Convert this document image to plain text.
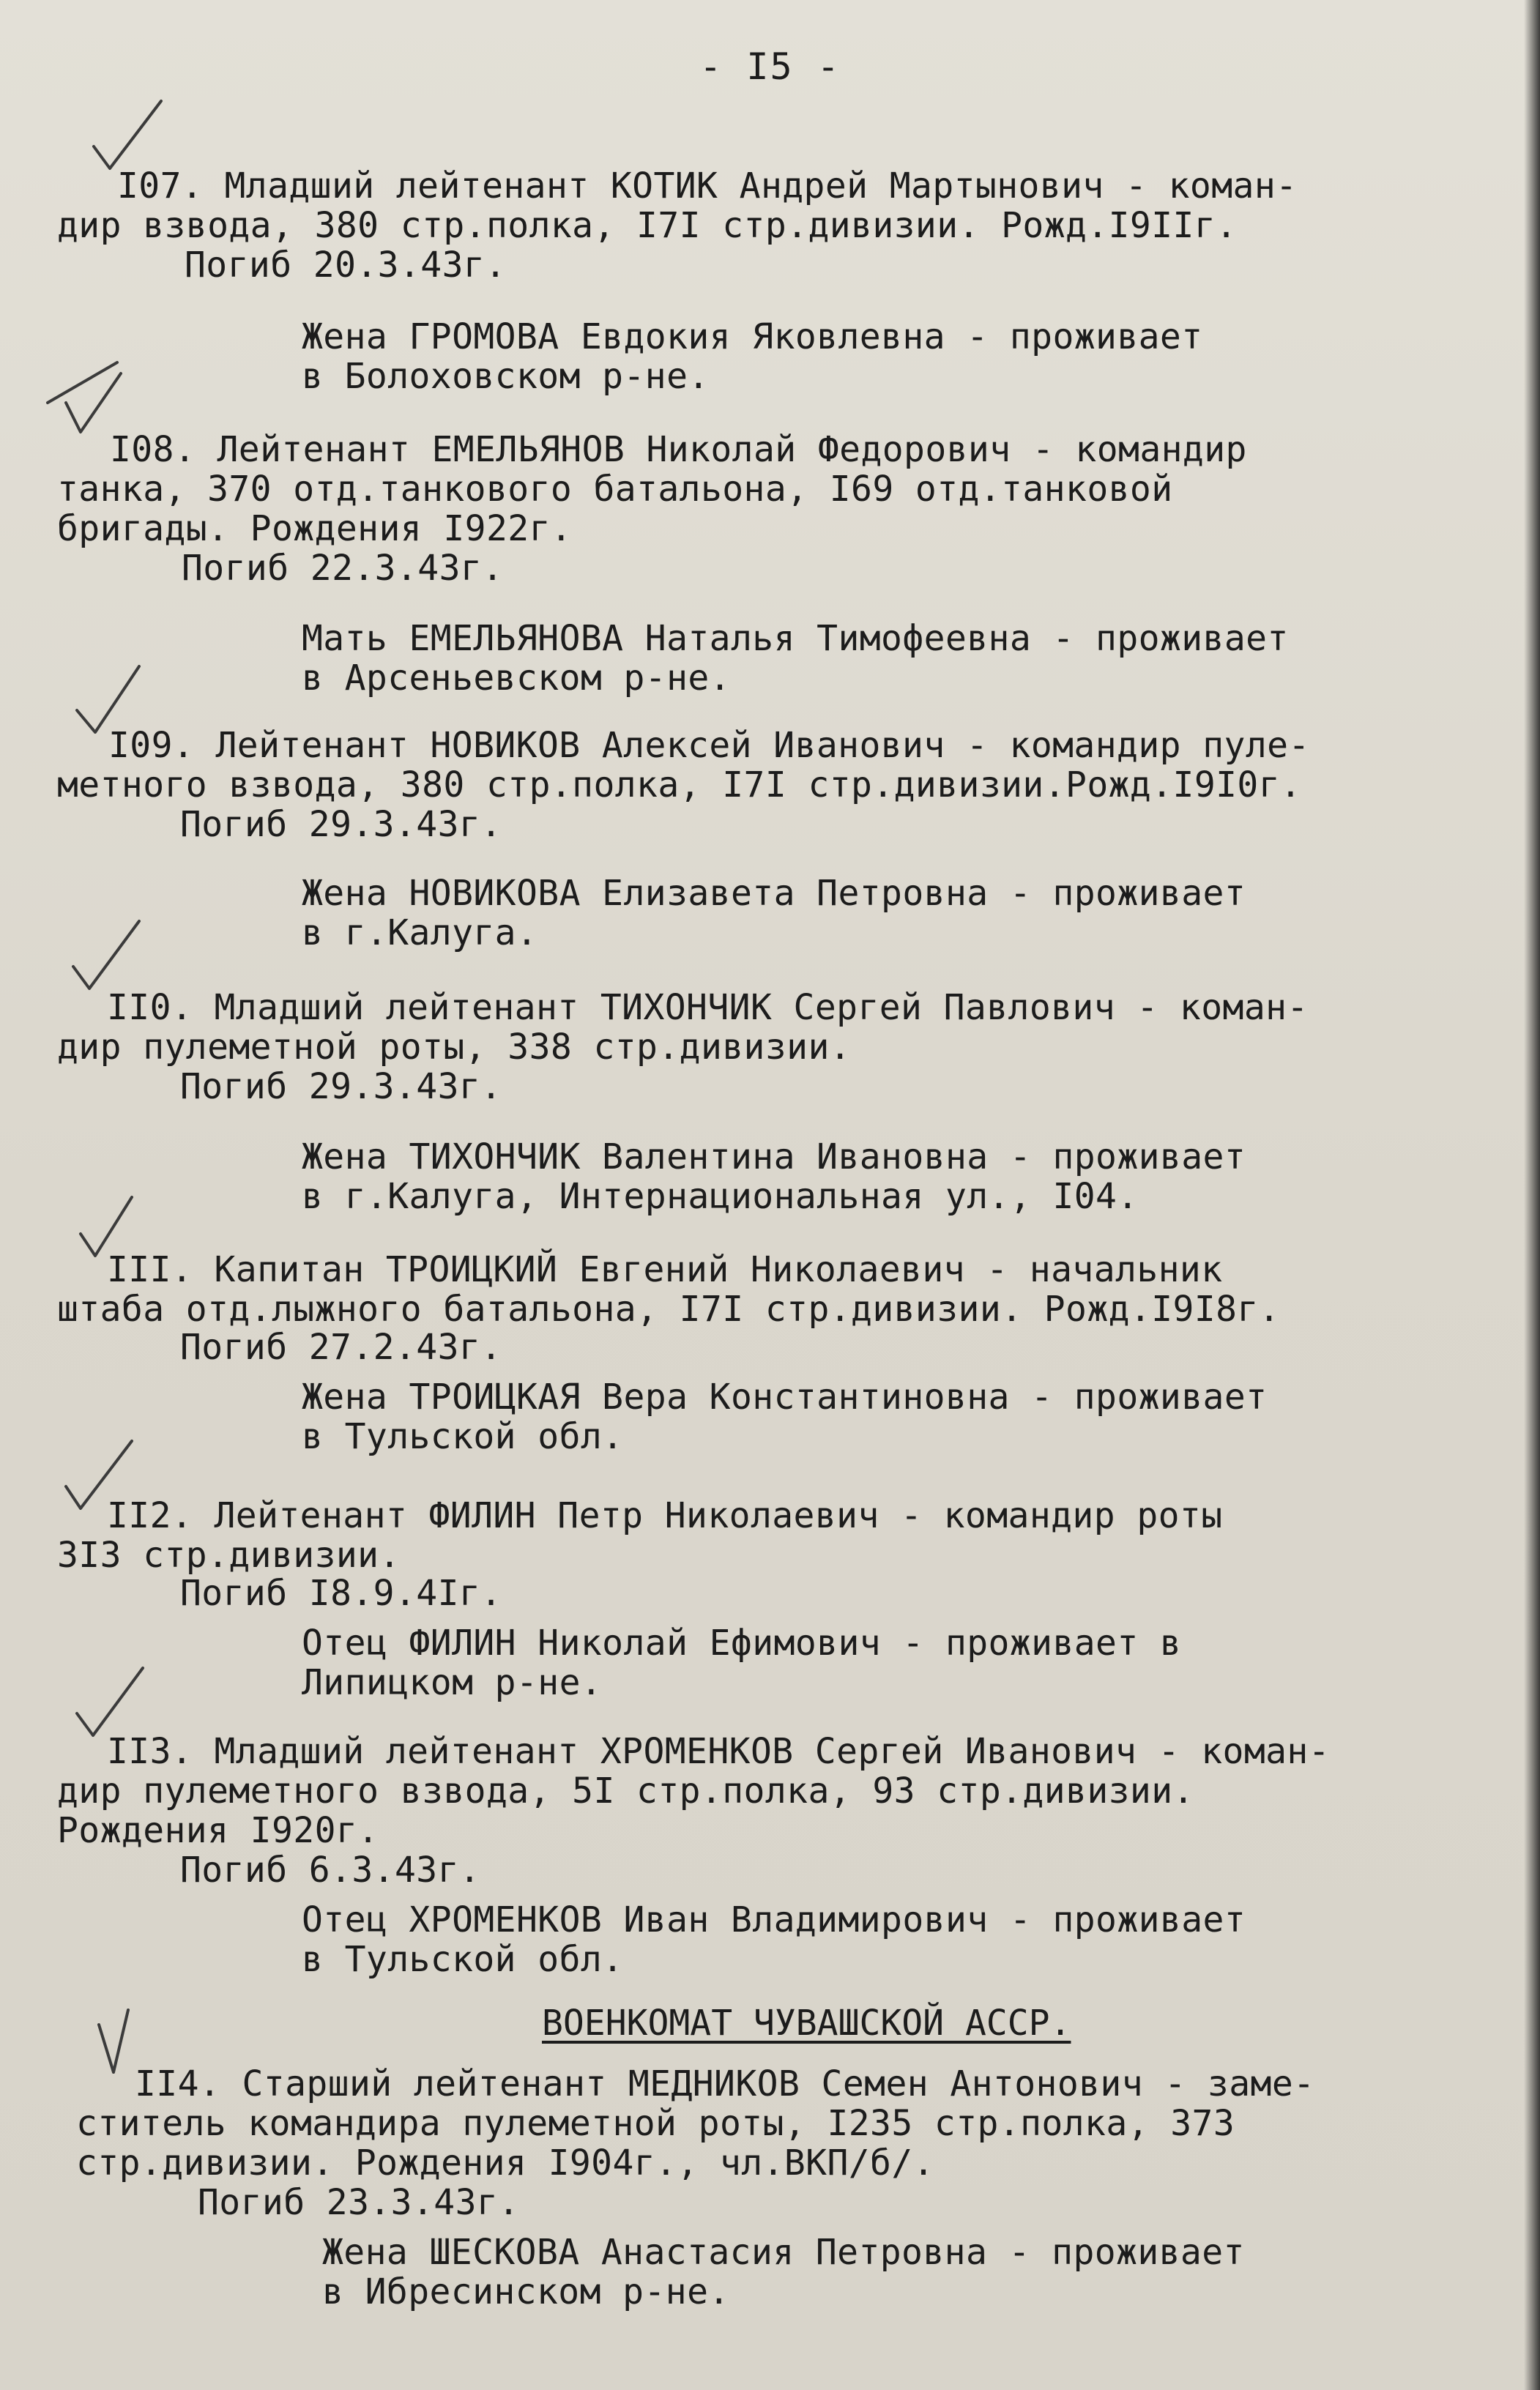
- I5 -
I07. Младший лейтенант КОТИК Андрей Мартынович - коман-
дир взвода, 380 стр.полка, I7I стр.дивизии. Рожд.I9IIг.
Погиб 20.3.43г.
Жена ГРОМОВА Евдокия Яковлевна - проживает
в Болоховском р-не.
I08. Лейтенант ЕМЕЛЬЯНОВ Николай Федорович - командир
танка, 370 отд.танкового батальона, I69 отд.танковой
бригады. Рождения I922г.
Погиб 22.3.43г.
Мать ЕМЕЛЬЯНОВА Наталья Тимофеевна - проживает
в Арсеньевском р-не.
I09. Лейтенант НОВИКОВ Алексей Иванович - командир пуле-
метного взвода, 380 стр.полка, I7I стр.дивизии.Рожд.I9I0г.
Погиб 29.3.43г.
Жена НОВИКОВА Елизавета Петровна - проживает
в г.Калуга.
II0. Младший лейтенант ТИХОНЧИК Сергей Павлович - коман-
дир пулеметной роты, 338 стр.дивизии.
Погиб 29.3.43г.
Жена ТИХОНЧИК Валентина Ивановна - проживает
в г.Калуга, Интернациональная ул., I04.
III. Капитан ТРОИЦКИЙ Евгений Николаевич - начальник
штаба отд.лыжного батальона, I7I стр.дивизии. Рожд.I9I8г.
Погиб 27.2.43г.
Жена ТРОИЦКАЯ Вера Константиновна - проживает
в Тульской обл.
II2. Лейтенант ФИЛИН Петр Николаевич - командир роты
3I3 стр.дивизии.
Погиб I8.9.4Iг.
Отец ФИЛИН Николай Ефимович - проживает в
Липицком р-не.
II3. Младший лейтенант ХРОМЕНКОВ Сергей Иванович - коман-
дир пулеметного взвода, 5I стр.полка, 93 стр.дивизии.
Рождения I920г.
Погиб 6.3.43г.
Отец ХРОМЕНКОВ Иван Владимирович - проживает
в Тульской обл.
ВОЕНКОМАТ ЧУВАШСКОЙ АССР.
II4. Старший лейтенант МЕДНИКОВ Семен Антонович - заме-
ститель командира пулеметной роты, I235 стр.полка, 373
стр.дивизии. Рождения I904г., чл.ВКП/б/.
Погиб 23.3.43г.
Жена ШЕСКОВА Анастасия Петровна - проживает
в Ибресинском р-не.
